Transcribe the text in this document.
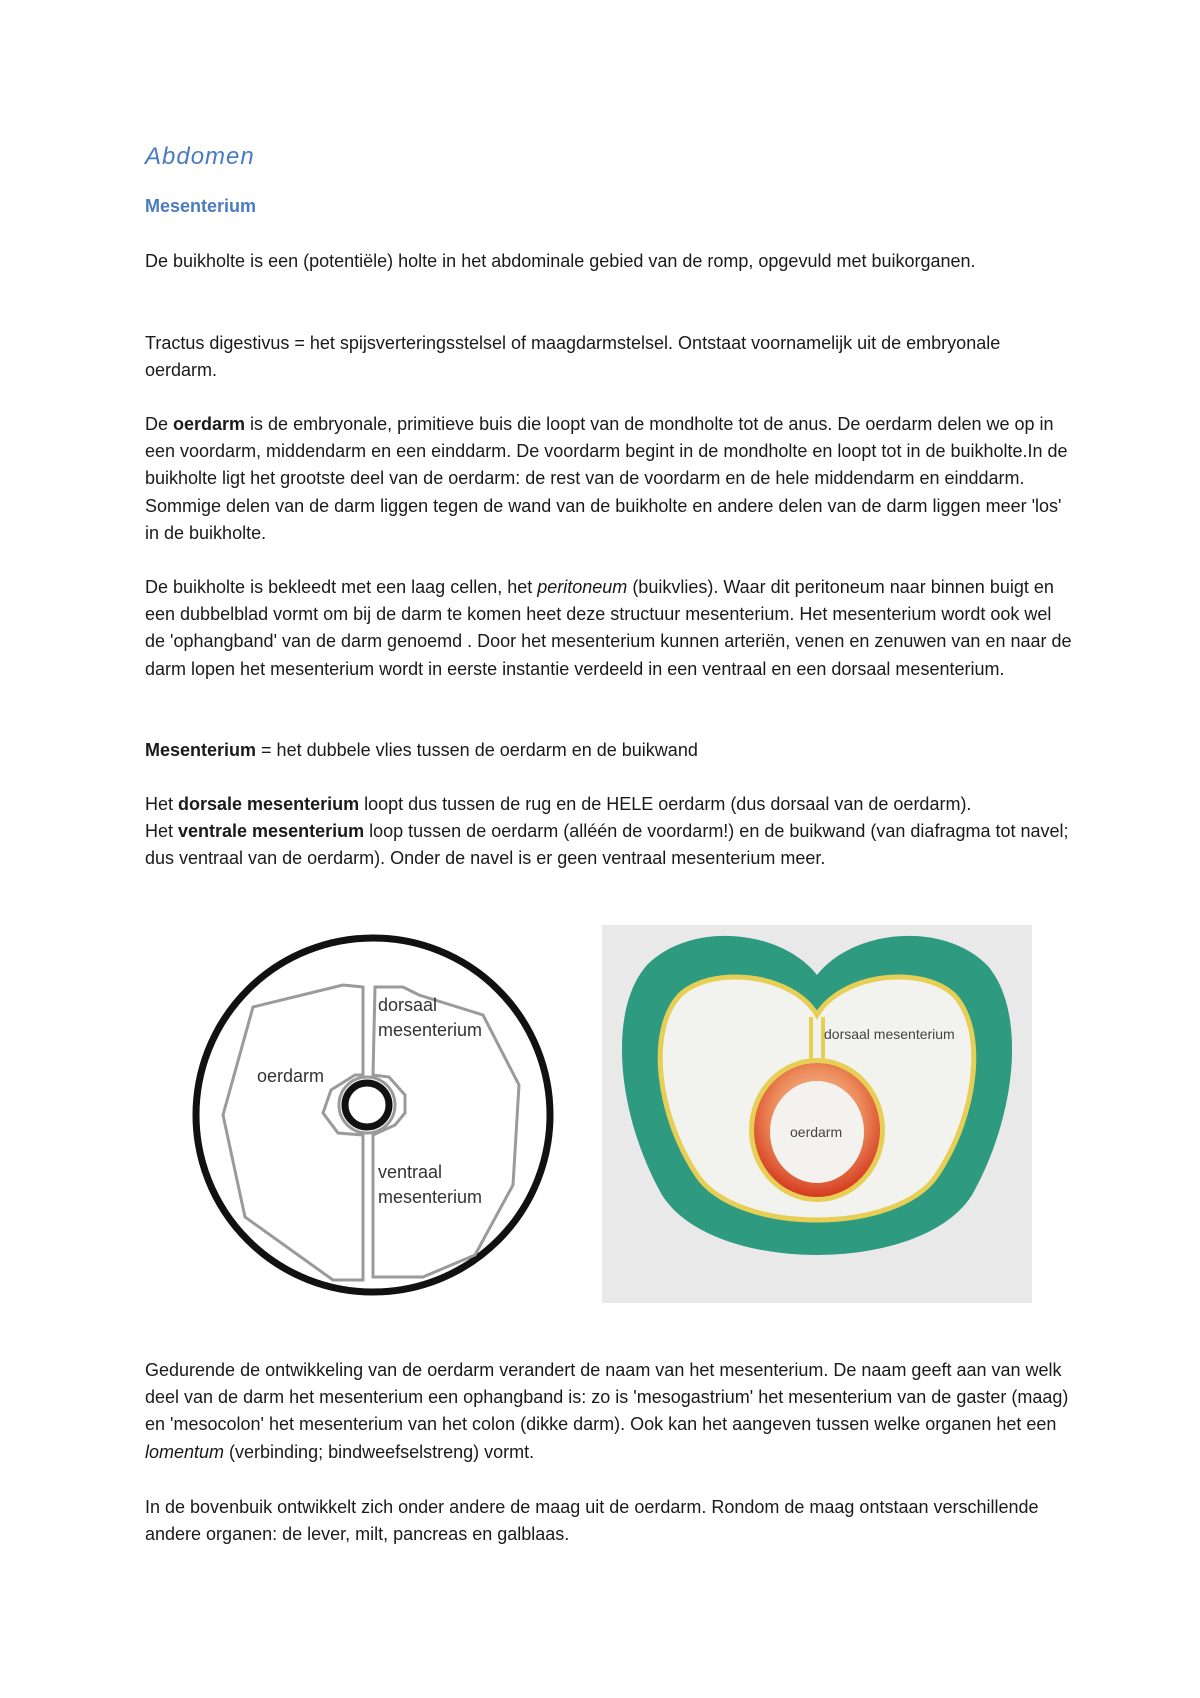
Abdomen
Mesenterium

De buikholte is een (potentiële) holte in het abdominale gebied van de romp, opgevuld met buikorganen.

Tractus digestivus = het spijsverteringsstelsel of maagdarmstelsel. Ontstaat voornamelijk uit de embryonale oerdarm.

De oerdarm is de embryonale, primitieve buis die loopt van de mondholte tot de anus. De oerdarm delen we op in een voordarm, middendarm en een einddarm. De voordarm begint in de mondholte en loopt tot in de buikholte.In de buikholte ligt het grootste deel van de oerdarm: de rest van de voordarm en de hele middendarm en einddarm. Sommige delen van de darm liggen tegen de wand van de buikholte en andere delen van de darm liggen meer 'los' in de buikholte.

De buikholte is bekleedt met een laag cellen, het peritoneum (buikvlies). Waar dit peritoneum naar binnen buigt en een dubbelblad vormt om bij de darm te komen heet deze structuur mesenterium. Het mesenterium wordt ook wel de 'ophangband' van de darm genoemd . Door het mesenterium kunnen arteriën, venen en zenuwen van en naar de darm lopen het mesenterium wordt in eerste instantie verdeeld in een ventraal en een dorsaal mesenterium.

Mesenterium = het dubbele vlies tussen de oerdarm en de buikwand

Het dorsale mesenterium loopt dus tussen de rug en de HELE oerdarm (dus dorsaal van de oerdarm).
Het ventrale mesenterium loop tussen de oerdarm (alléén de voordarm!) en de buikwand (van diafragma tot navel; dus ventraal van de oerdarm). Onder de navel is er geen ventraal mesenterium meer.

Gedurende de ontwikkeling van de oerdarm verandert de naam van het mesenterium. De naam geeft aan van welk deel van de darm het mesenterium een ophangband is: zo is 'mesogastrium' het mesenterium van de gaster (maag) en 'mesocolon' het mesenterium van het colon (dikke darm). Ook kan het aangeven tussen welke organen het een lomentum (verbinding; bindweefselstreng) vormt.

In de bovenbuik ontwikkelt zich onder andere de maag uit de oerdarm. Rondom de maag ontstaan verschillende andere organen: de lever, milt, pancreas en galblaas.

dorsaal
mesenterium
oerdarm
ventraal
mesenterium
dorsaal mesenterium
oerdarm
